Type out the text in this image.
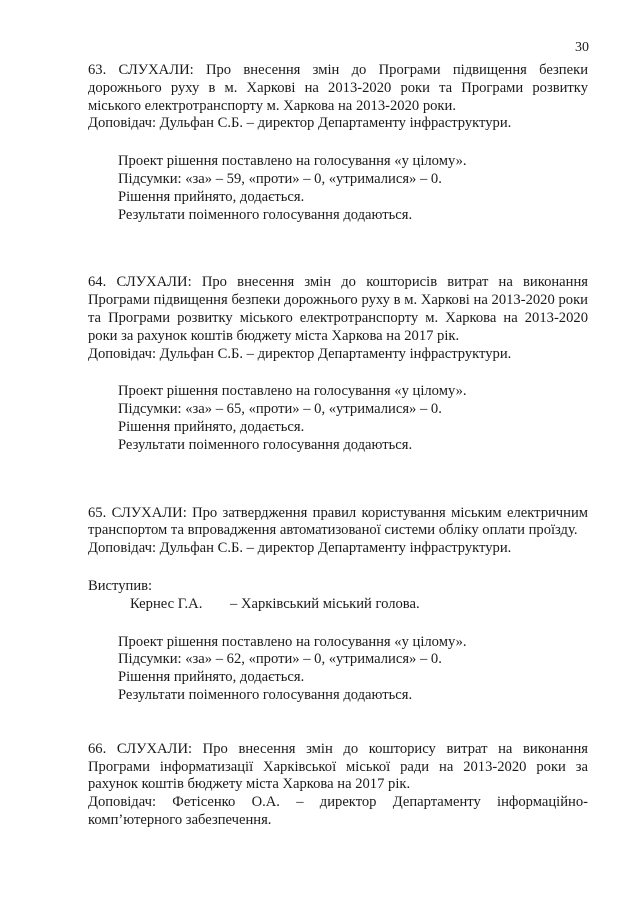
30

63. СЛУХАЛИ: Про внесення змін до Програми підвищення безпеки дорожнього руху в м. Харкові на 2013-2020 роки та Програми розвитку міського електротранспорту м. Харкова на 2013-2020 роки.

Доповідач: Дульфан С.Б. – директор Департаменту інфраструктури.

Проект рішення поставлено на голосування «у цілому».

Підсумки: «за» – 59, «проти» – 0, «утрималися» – 0.

Рішення прийнято, додається.

Результати поіменного голосування додаються.

64. СЛУХАЛИ: Про внесення змін до кошторисів витрат на виконання Програми підвищення безпеки дорожнього руху в м. Харкові на 2013-2020 роки та Програми розвитку міського електротранспорту м. Харкова на 2013-2020 роки за рахунок коштів бюджету міста Харкова на 2017 рік.

Доповідач: Дульфан С.Б. – директор Департаменту інфраструктури.

Проект рішення поставлено на голосування «у цілому».

Підсумки: «за» – 65, «проти» – 0, «утрималися» – 0.

Рішення прийнято, додається.

Результати поіменного голосування додаються.

65. СЛУХАЛИ: Про затвердження правил користування міським електричним транспортом та впровадження автоматизованої системи обліку оплати проїзду.

Доповідач: Дульфан С.Б. – директор Департаменту інфраструктури.

Виступив:

Кернес Г.А.	– Харківський міський голова.

Проект рішення поставлено на голосування «у цілому».

Підсумки: «за» – 62, «проти» – 0, «утрималися» – 0.

Рішення прийнято, додається.

Результати поіменного голосування додаються.

66. СЛУХАЛИ: Про внесення змін до кошторису витрат на виконання Програми інформатизації Харківської міської ради на 2013-2020 роки за рахунок коштів бюджету міста Харкова на 2017 рік.

Доповідач: Фетісенко О.А. – директор Департаменту інформаційно-комп’ютерного забезпечення.
